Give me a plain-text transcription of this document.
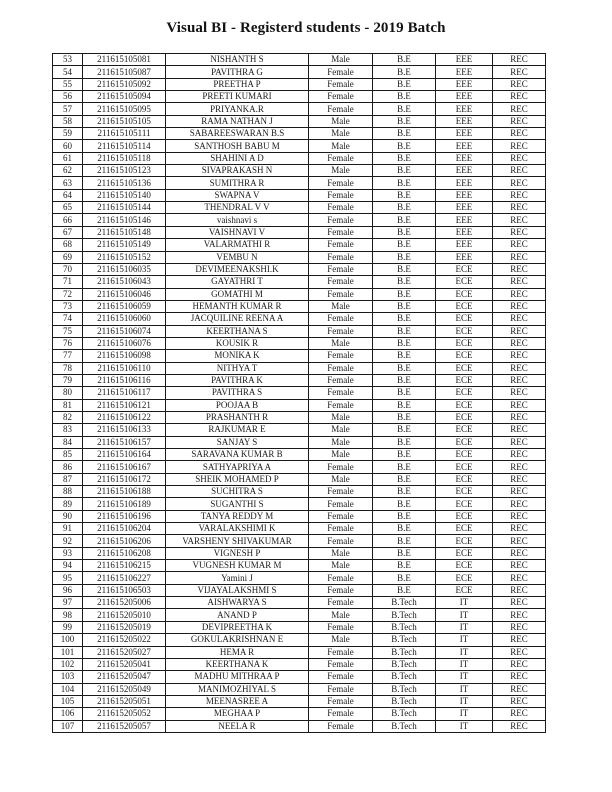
Visual BI - Registerd students - 2019 Batch
53	211615105081	NISHANTH S	Male	B.E	EEE	REC
54	211615105087	PAVITHRA G	Female	B.E	EEE	REC
55	211615105092	PREETHA P	Female	B.E	EEE	REC
56	211615105094	PREETI KUMARI	Female	B.E	EEE	REC
57	211615105095	PRIYANKA.R	Female	B.E	EEE	REC
58	211615105105	RAMA NATHAN J	Male	B.E	EEE	REC
59	211615105111	SABAREESWARAN B.S	Male	B.E	EEE	REC
60	211615105114	SANTHOSH BABU M	Male	B.E	EEE	REC
61	211615105118	SHAHINI A D	Female	B.E	EEE	REC
62	211615105123	SIVAPRAKASH N	Male	B.E	EEE	REC
63	211615105136	SUMITHRA R	Female	B.E	EEE	REC
64	211615105140	SWAPNA V	Female	B.E	EEE	REC
65	211615105144	THENDRAL V V	Female	B.E	EEE	REC
66	211615105146	vaishnavi s	Female	B.E	EEE	REC
67	211615105148	VAISHNAVI V	Female	B.E	EEE	REC
68	211615105149	VALARMATHI R	Female	B.E	EEE	REC
69	211615105152	VEMBU N	Female	B.E	EEE	REC
70	211615106035	DEVIMEENAKSHI.K	Female	B.E	ECE	REC
71	211615106043	GAYATHRI T	Female	B.E	ECE	REC
72	211615106046	GOMATHI M	Female	B.E	ECE	REC
73	211615106059	HEMANTH KUMAR R	Male	B.E	ECE	REC
74	211615106060	JACQUILINE REENA A	Female	B.E	ECE	REC
75	211615106074	KEERTHANA S	Female	B.E	ECE	REC
76	211615106076	KOUSIK R	Male	B.E	ECE	REC
77	211615106098	MONIKA K	Female	B.E	ECE	REC
78	211615106110	NITHYA T	Female	B.E	ECE	REC
79	211615106116	PAVITHRA K	Female	B.E	ECE	REC
80	211615106117	PAVITHRA S	Female	B.E	ECE	REC
81	211615106121	POOJAA B	Female	B.E	ECE	REC
82	211615106122	PRASHANTH R	Male	B.E	ECE	REC
83	211615106133	RAJKUMAR E	Male	B.E	ECE	REC
84	211615106157	SANJAY S	Male	B.E	ECE	REC
85	211615106164	SARAVANA KUMAR B	Male	B.E	ECE	REC
86	211615106167	SATHYAPRIYA A	Female	B.E	ECE	REC
87	211615106172	SHEIK MOHAMED P	Male	B.E	ECE	REC
88	211615106188	SUCHITRA S	Female	B.E	ECE	REC
89	211615106189	SUGANTHI S	Female	B.E	ECE	REC
90	211615106196	TANYA REDDY M	Female	B.E	ECE	REC
91	211615106204	VARALAKSHIMI K	Female	B.E	ECE	REC
92	211615106206	VARSHENY SHIVAKUMAR	Female	B.E	ECE	REC
93	211615106208	VIGNESH P	Male	B.E	ECE	REC
94	211615106215	VUGNESH KUMAR M	Male	B.E	ECE	REC
95	211615106227	Yamini J	Female	B.E	ECE	REC
96	211615106503	VIJAYALAKSHMI S	Female	B.E	ECE	REC
97	211615205006	AISHWARYA S	Female	B.Tech	IT	REC
98	211615205010	ANAND P	Male	B.Tech	IT	REC
99	211615205019	DEVIPREETHA K	Female	B.Tech	IT	REC
100	211615205022	GOKULAKRISHNAN E	Male	B.Tech	IT	REC
101	211615205027	HEMA R	Female	B.Tech	IT	REC
102	211615205041	KEERTHANA K	Female	B.Tech	IT	REC
103	211615205047	MADHU MITHRAA P	Female	B.Tech	IT	REC
104	211615205049	MANIMOZHIYAL S	Female	B.Tech	IT	REC
105	211615205051	MEENASREE A	Female	B.Tech	IT	REC
106	211615205052	MEGHAA P	Female	B.Tech	IT	REC
107	211615205057	NEELA R	Female	B.Tech	IT	REC
